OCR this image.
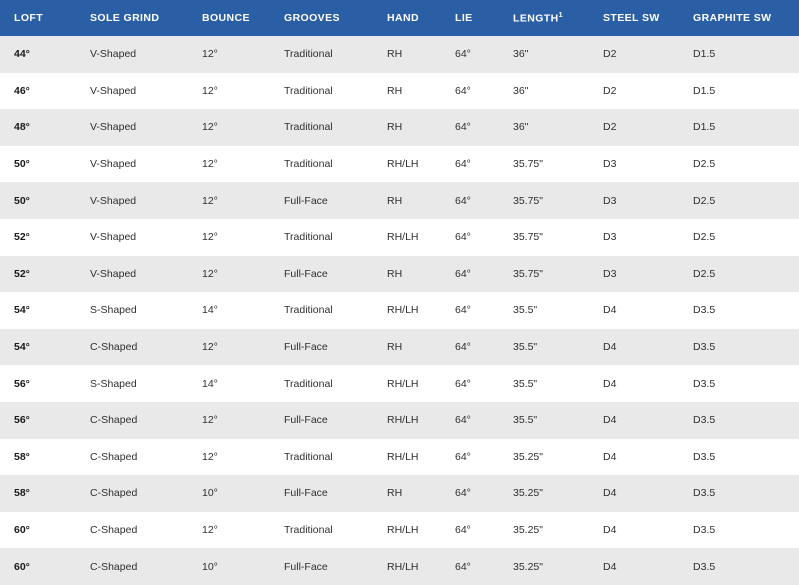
LOFT	SOLE GRIND	BOUNCE	GROOVES	HAND	LIE	LENGTH$^1$	STEEL SW	GRAPHITE SW
44°	V-Shaped	12°	Traditional	RH	64°	36"	D2	D1.5
46°	V-Shaped	12°	Traditional	RH	64°	36"	D2	D1.5
48°	V-Shaped	12°	Traditional	RH	64°	36"	D2	D1.5
50°	V-Shaped	12°	Traditional	RH/LH	64°	35.75"	D3	D2.5
50°	V-Shaped	12°	Full-Face	RH	64°	35.75"	D3	D2.5
52°	V-Shaped	12°	Traditional	RH/LH	64°	35.75"	D3	D2.5
52°	V-Shaped	12°	Full-Face	RH	64°	35.75"	D3	D2.5
54°	S-Shaped	14°	Traditional	RH/LH	64°	35.5"	D4	D3.5
54°	C-Shaped	12°	Full-Face	RH	64°	35.5"	D4	D3.5
56°	S-Shaped	14°	Traditional	RH/LH	64°	35.5"	D4	D3.5
56°	C-Shaped	12°	Full-Face	RH/LH	64°	35.5"	D4	D3.5
58°	C-Shaped	12°	Traditional	RH/LH	64°	35.25"	D4	D3.5
58°	C-Shaped	10°	Full-Face	RH	64°	35.25"	D4	D3.5
60°	C-Shaped	12°	Traditional	RH/LH	64°	35.25"	D4	D3.5
60°	C-Shaped	10°	Full-Face	RH/LH	64°	35.25"	D4	D3.5
